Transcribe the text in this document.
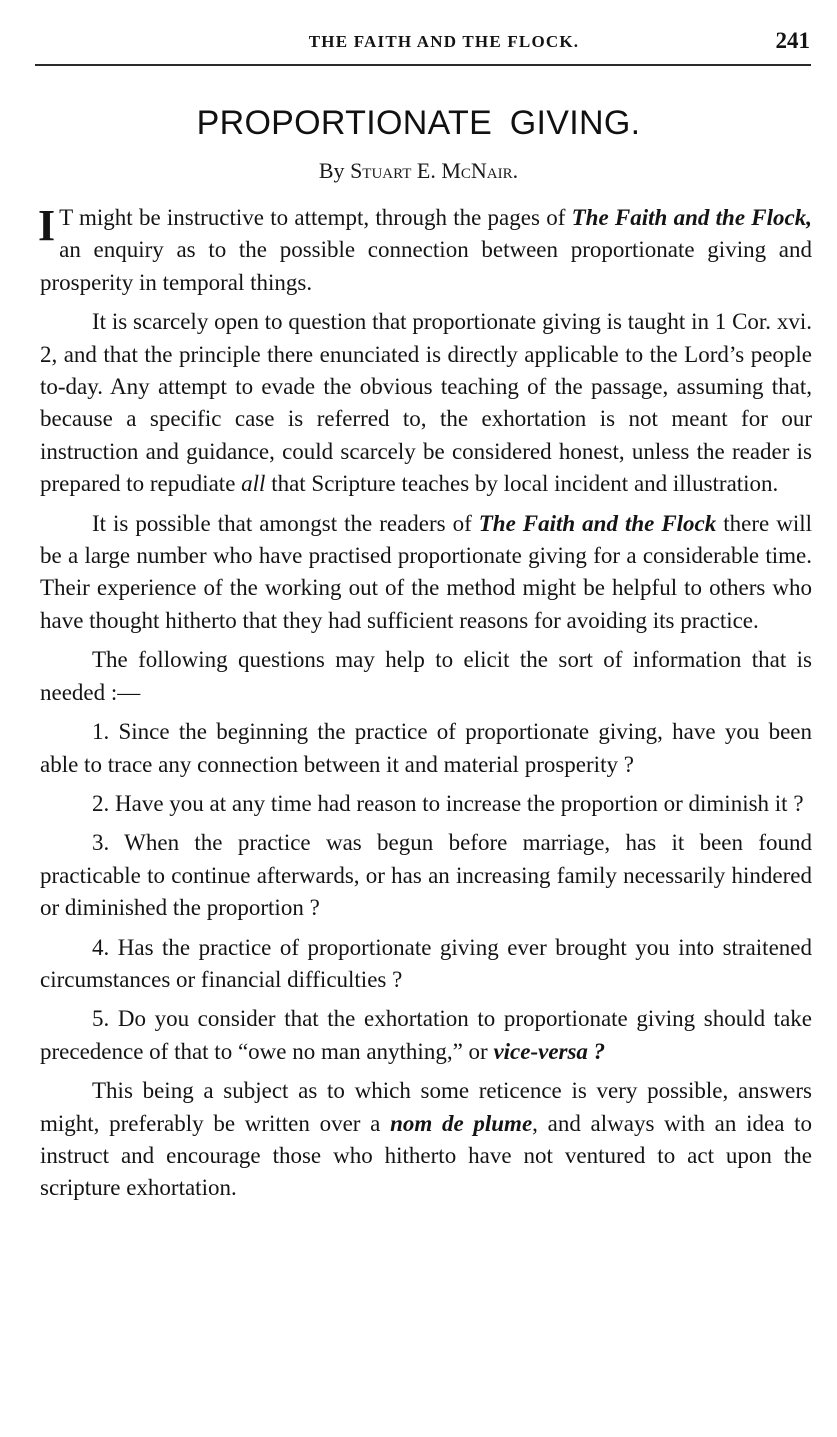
THE FAITH AND THE FLOCK.	241
PROPORTIONATE GIVING.
By Stuart E. McNair.

I T might be instructive to attempt, through the pages of The Faith and the Flock, an enquiry as to the possible connection between proportionate giving and prosperity in temporal things.

It is scarcely open to question that proportionate giving is taught in 1 Cor. xvi. 2, and that the principle there enunciated is directly applicable to the Lord’s people to-day. Any attempt to evade the obvious teaching of the passage, assuming that, because a specific case is referred to, the exhortation is not meant for our instruction and guidance, could scarcely be considered honest, unless the reader is prepared to repudiate all that Scripture teaches by local incident and illustration.

It is possible that amongst the readers of The Faith and the Flock there will be a large number who have practised proportionate giving for a considerable time. Their experience of the working out of the method might be helpful to others who have thought hitherto that they had sufficient reasons for avoiding its practice.

The following questions may help to elicit the sort of information that is needed :—

1. Since the beginning the practice of proportionate giving, have you been able to trace any connection between it and material prosperity ?

2. Have you at any time had reason to increase the proportion or diminish it ?

3. When the practice was begun before marriage, has it been found practicable to continue afterwards, or has an increasing family necessarily hindered or diminished the proportion ?

4. Has the practice of proportionate giving ever brought you into straitened circumstances or financial difficulties ?

5. Do you consider that the exhortation to proportionate giving should take precedence of that to “owe no man anything,” or vice-versa ?

This being a subject as to which some reticence is very possible, answers might, preferably be written over a nom de plume, and always with an idea to instruct and encourage those who hitherto have not ventured to act upon the scripture exhortation.
